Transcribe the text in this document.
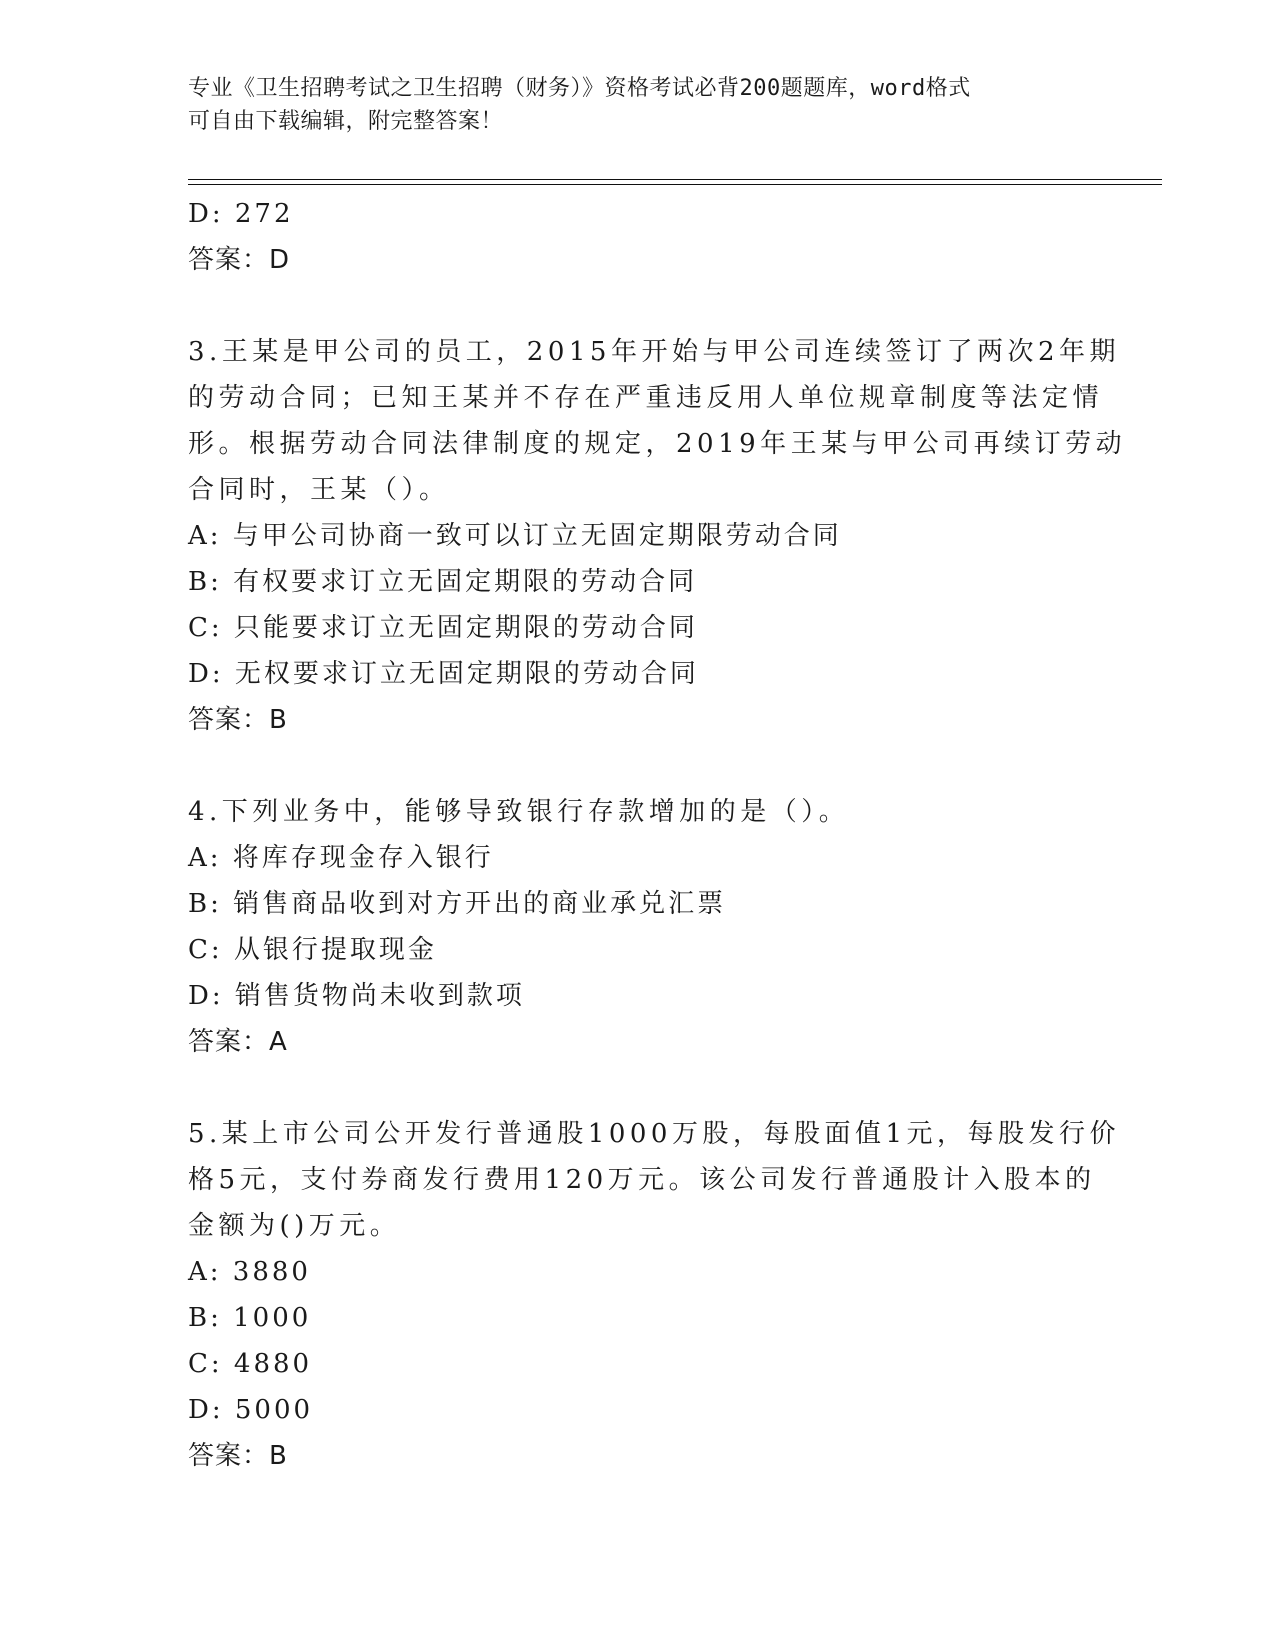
专业《卫生招聘考试之卫生招聘（财务）》资格考试必背200题题库，word格式
可自由下载编辑，附完整答案！
D: 272
答案：D
3.王某是甲公司的员工，2015年开始与甲公司连续签订了两次2年期
的劳动合同；已知王某并不存在严重违反用人单位规章制度等法定情
形。根据劳动合同法律制度的规定，2019年王某与甲公司再续订劳动
合同时，王某（）。
A: 与甲公司协商一致可以订立无固定期限劳动合同
B: 有权要求订立无固定期限的劳动合同
C: 只能要求订立无固定期限的劳动合同
D: 无权要求订立无固定期限的劳动合同
答案：B
4.下列业务中，能够导致银行存款增加的是（）。
A: 将库存现金存入银行
B: 销售商品收到对方开出的商业承兑汇票
C: 从银行提取现金
D: 销售货物尚未收到款项
答案：A
5.某上市公司公开发行普通股1000万股，每股面值1元，每股发行价
格5元，支付券商发行费用120万元。该公司发行普通股计入股本的
金额为()万元。
A: 3880
B: 1000
C: 4880
D: 5000
答案：B
